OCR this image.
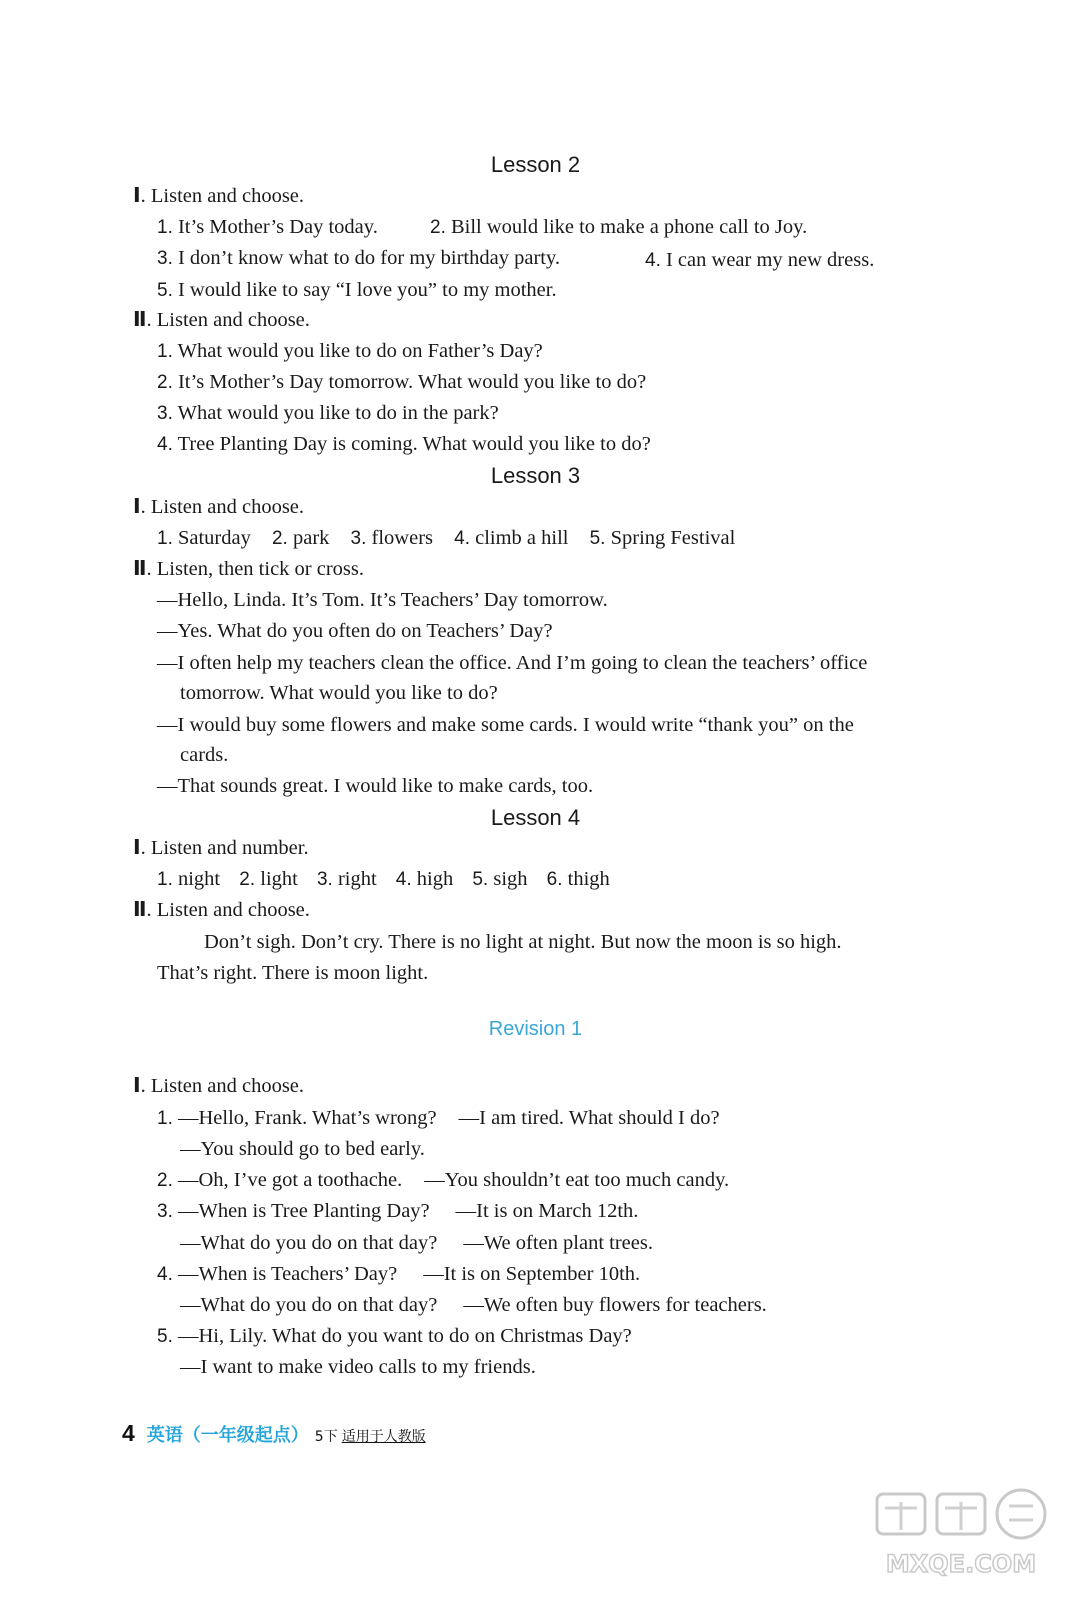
Lesson 2
Ⅰ. Listen and choose.
1. It’s Mother’s Day today.	2. Bill would like to make a phone call to Joy.
3. I don’t know what to do for my birthday party.	4. I can wear my new dress.
5. I would like to say “I love you” to my mother.
Ⅱ. Listen and choose.
1. What would you like to do on Father’s Day?
2. It’s Mother’s Day tomorrow. What would you like to do?
3. What would you like to do in the park?
4. Tree Planting Day is coming. What would you like to do?
Lesson 3
Ⅰ. Listen and choose.
1. Saturday 2. park 3. flowers 4. climb a hill 5. Spring Festival
Ⅱ. Listen, then tick or cross.
—Hello, Linda. It’s Tom. It’s Teachers’ Day tomorrow.
—Yes. What do you often do on Teachers’ Day?
—I often help my teachers clean the office. And I’m going to clean the teachers’ office
tomorrow. What would you like to do?
—I would buy some flowers and make some cards. I would write “thank you” on the
cards.
—That sounds great. I would like to make cards, too.
Lesson 4
Ⅰ. Listen and number.
1. night 2. light 3. right 4. high 5. sigh 6. thigh
Ⅱ. Listen and choose.
Don’t sigh. Don’t cry. There is no light at night. But now the moon is so high.
That’s right. There is moon light.
Revision 1
Ⅰ. Listen and choose.
1. —Hello, Frank. What’s wrong? —I am tired. What should I do?
—You should go to bed early.
2. —Oh, I’ve got a toothache. —You shouldn’t eat too much candy.
3. —When is Tree Planting Day? —It is on March 12th.
—What do you do on that day? —We often plant trees.
4. —When is Teachers’ Day? —It is on September 10th.
—What do you do on that day? —We often buy flowers for teachers.
5. —Hi, Lily. What do you want to do on Christmas Day?
—I want to make video calls to my friends.
4 英语（一年级起点） 5下 适用于人教版
MXQE.COM
